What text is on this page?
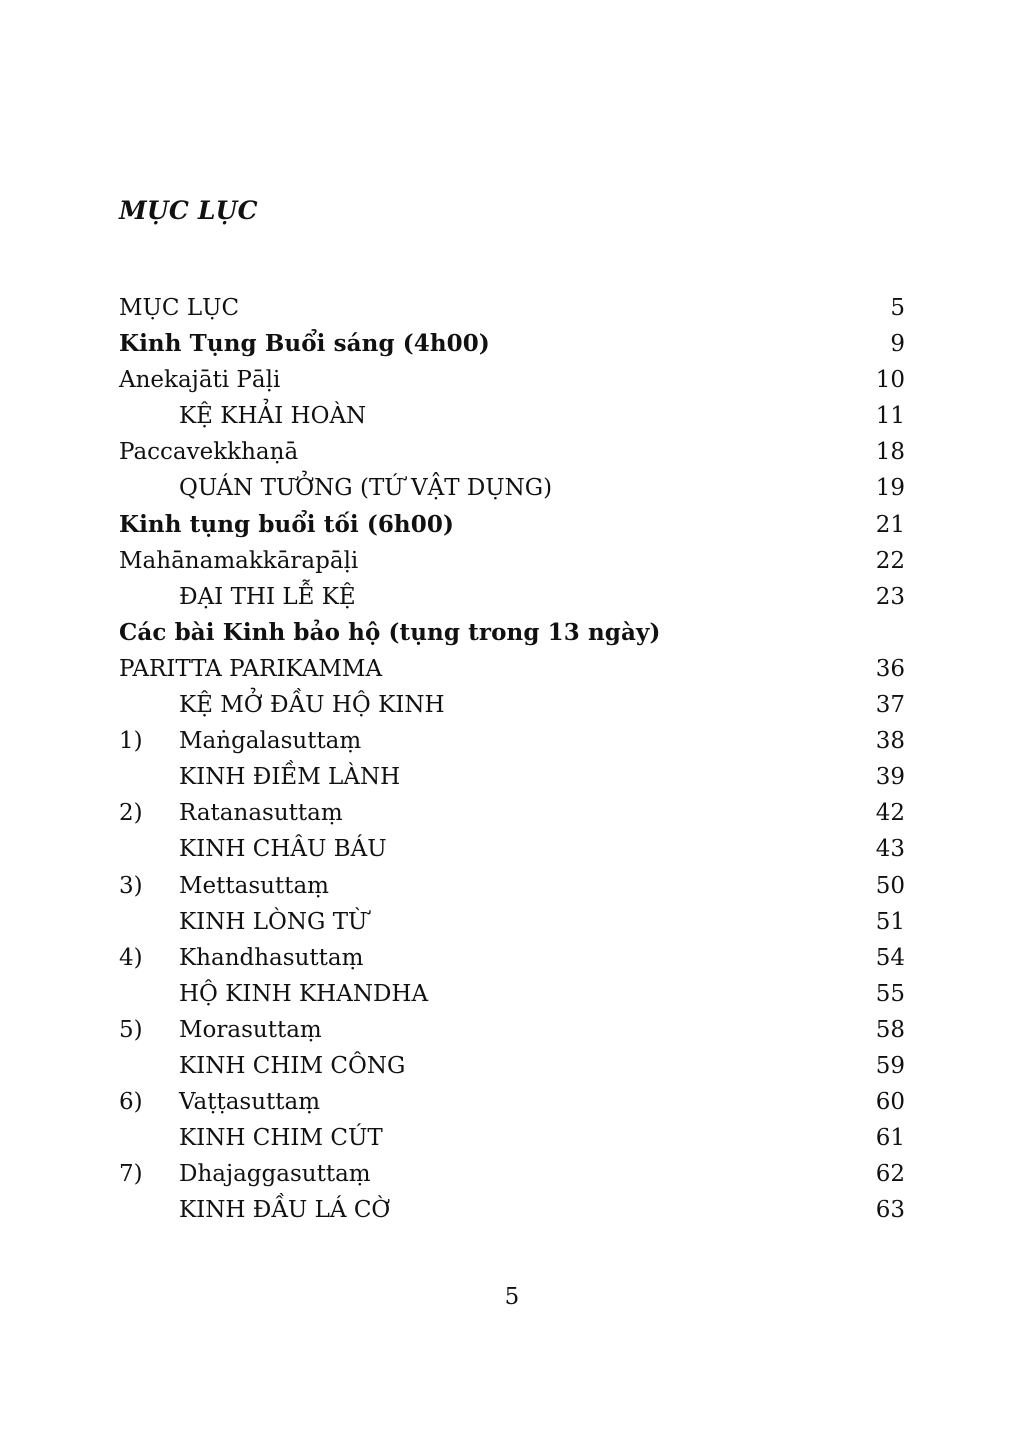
MỤC LỤC
MỤC LỤC	5
Kinh Tụng Buổi sáng (4h00)	9
Anekajāti Pāḷi	10
KỆ KHẢI HOÀN	11
Paccavekkhaṇā	18
QUÁN TƯỞNG (TỨ VẬT DỤNG)	19
Kinh tụng buổi tối (6h00)	21
Mahānamakkārapāḷi	22
ĐẠI THI LỄ KỆ	23
Các bài Kinh bảo hộ (tụng trong 13 ngày)
PARITTA PARIKAMMA	36
KỆ MỞ ĐẦU HỘ KINH	37
1) Maṅgalasuttaṃ	38
KINH ĐIỀM LÀNH	39
2) Ratanasuttaṃ	42
KINH CHÂU BÁU	43
3) Mettasuttaṃ	50
KINH LÒNG TỪ	51
4) Khandhasuttaṃ	54
HỘ KINH KHANDHA	55
5) Morasuttaṃ	58
KINH CHIM CÔNG	59
6) Vaṭṭasuttaṃ	60
KINH CHIM CÚT	61
7) Dhajaggasuttaṃ	62
KINH ĐẦU LÁ CỜ	63
5
